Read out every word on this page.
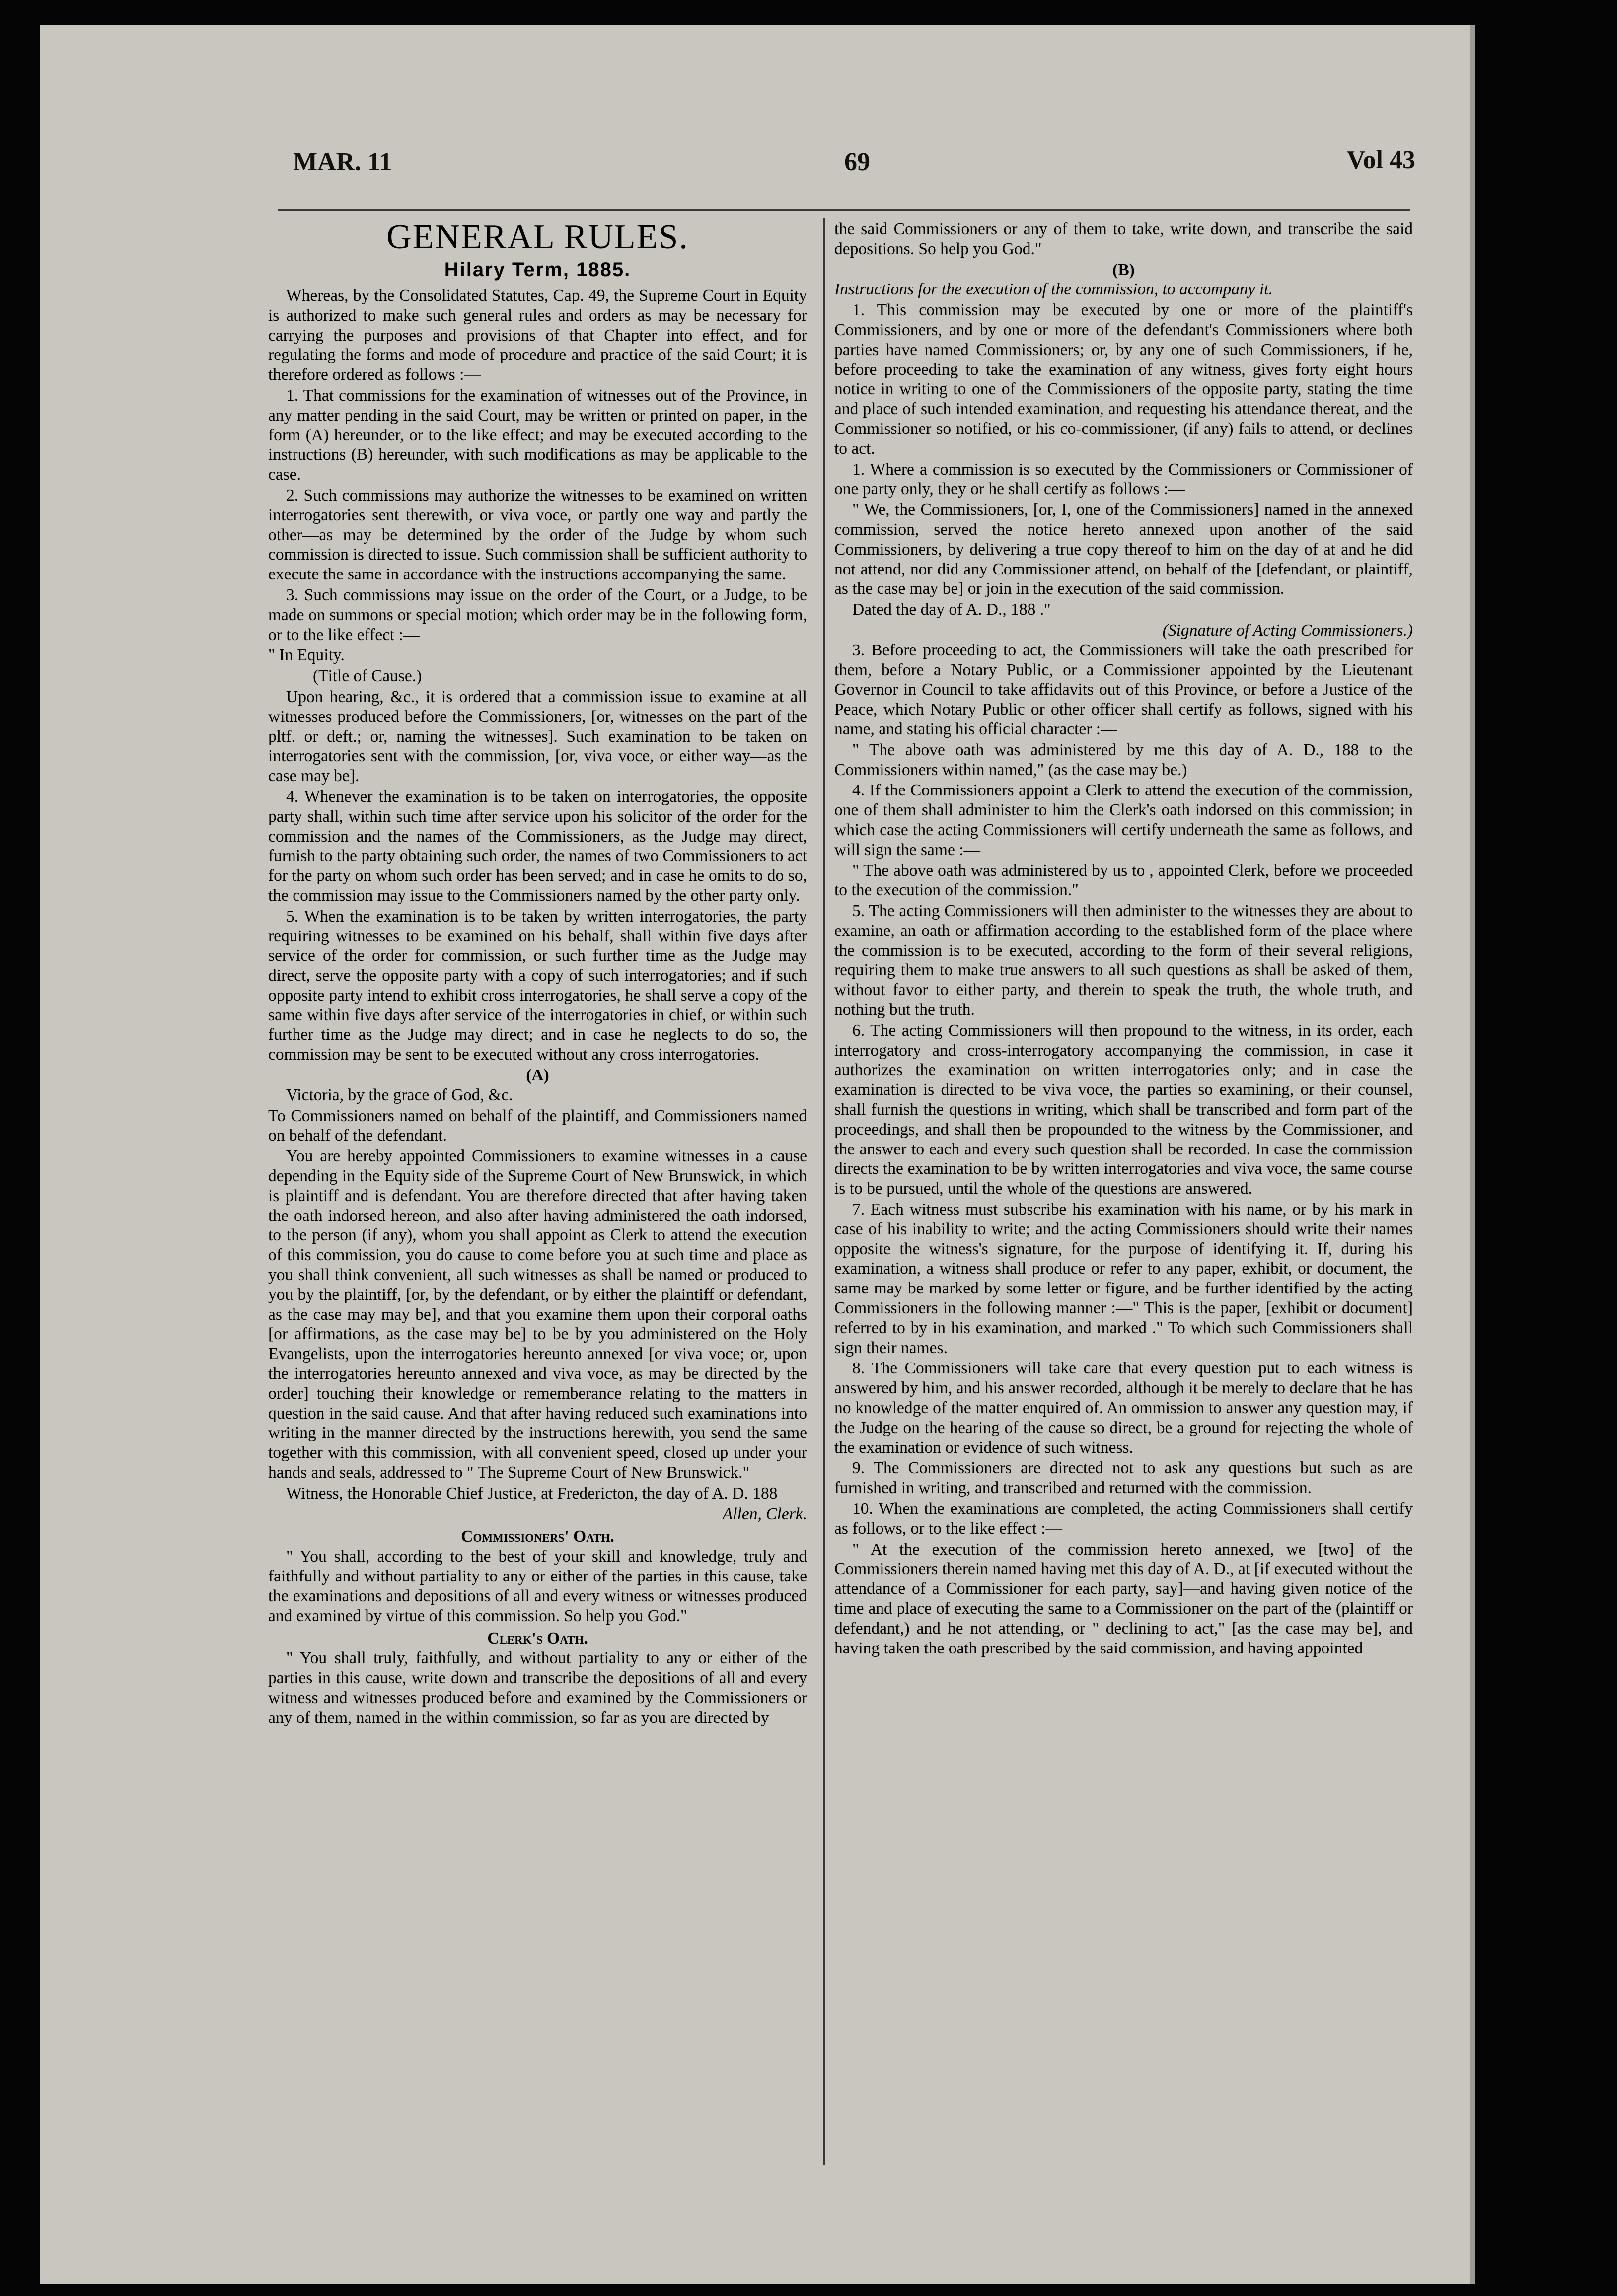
MAR. 11	69	Vol 43
GENERAL RULES.
Hilary Term, 1885.

Whereas, by the Consolidated Statutes, Cap. 49, the Supreme Court in Equity is authorized to make such general rules and orders as may be necessary for carrying the purposes and provisions of that Chapter into effect, and for regulating the forms and mode of procedure and practice of the said Court; it is therefore ordered as follows :—

1. That commissions for the examination of witnesses out of the Province, in any matter pending in the said Court, may be written or printed on paper, in the form (A) hereunder, or to the like effect; and may be executed according to the instructions (B) hereunder, with such modifications as may be applicable to the case.

2. Such commissions may authorize the witnesses to be examined on written interrogatories sent therewith, or viva voce, or partly one way and partly the other—as may be determined by the order of the Judge by whom such commission is directed to issue. Such commission shall be sufficient authority to execute the same in accordance with the instructions accompanying the same.

3. Such commissions may issue on the order of the Court, or a Judge, to be made on summons or special motion; which order may be in the following form, or to the like effect :—

" In Equity.

(Title of Cause.)

Upon hearing, &c., it is ordered that a commission issue to examine at all witnesses produced before the Commissioners, [or, witnesses on the part of the pltf. or deft.; or, naming the witnesses]. Such examination to be taken on interrogatories sent with the commission, [or, viva voce, or either way—as the case may be].

4. Whenever the examination is to be taken on interrogatories, the opposite party shall, within such time after service upon his solicitor of the order for the commission and the names of the Commissioners, as the Judge may direct, furnish to the party obtaining such order, the names of two Commissioners to act for the party on whom such order has been served; and in case he omits to do so, the commission may issue to the Commissioners named by the other party only.

5. When the examination is to be taken by written interrogatories, the party requiring witnesses to be examined on his behalf, shall within five days after service of the order for commission, or such further time as the Judge may direct, serve the opposite party with a copy of such interrogatories; and if such opposite party intend to exhibit cross interrogatories, he shall serve a copy of the same within five days after service of the interrogatories in chief, or within such further time as the Judge may direct; and in case he neglects to do so, the commission may be sent to be executed without any cross interrogatories.

(A)

Victoria, by the grace of God, &c.

To Commissioners named on behalf of the plaintiff, and Commissioners named on behalf of the defendant.

You are hereby appointed Commissioners to examine witnesses in a cause depending in the Equity side of the Supreme Court of New Brunswick, in which is plaintiff and is defendant. You are therefore directed that after having taken the oath indorsed hereon, and also after having administered the oath indorsed, to the person (if any), whom you shall appoint as Clerk to attend the execution of this commission, you do cause to come before you at such time and place as you shall think convenient, all such witnesses as shall be named or produced to you by the plaintiff, [or, by the defendant, or by either the plaintiff or defendant, as the case may may be], and that you examine them upon their corporal oaths [or affirmations, as the case may be] to be by you administered on the Holy Evangelists, upon the interrogatories hereunto annexed [or viva voce; or, upon the interrogatories hereunto annexed and viva voce, as may be directed by the order] touching their knowledge or rememberance relating to the matters in question in the said cause. And that after having reduced such examinations into writing in the manner directed by the instructions herewith, you send the same together with this commission, with all convenient speed, closed up under your hands and seals, addressed to " The Supreme Court of New Brunswick."

Witness, the Honorable Chief Justice, at Fredericton, the day of A. D. 188

Allen, Clerk.
Commissioners' Oath.

" You shall, according to the best of your skill and knowledge, truly and faithfully and without partiality to any or either of the parties in this cause, take the examinations and depositions of all and every witness or witnesses produced and examined by virtue of this commission. So help you God."

Clerk's Oath.

" You shall truly, faithfully, and without partiality to any or either of the parties in this cause, write down and transcribe the depositions of all and every witness and witnesses produced before and examined by the Commissioners or any of them, named in the within commission, so far as you are directed by

the said Commissioners or any of them to take, write down, and transcribe the said depositions. So help you God."

(B)

Instructions for the execution of the commission, to accompany it.

1. This commission may be executed by one or more of the plaintiff's Commissioners, and by one or more of the defendant's Commissioners where both parties have named Commissioners; or, by any one of such Commissioners, if he, before proceeding to take the examination of any witness, gives forty eight hours notice in writing to one of the Commissioners of the opposite party, stating the time and place of such intended examination, and requesting his attendance thereat, and the Commissioner so notified, or his co-commissioner, (if any) fails to attend, or declines to act.

1. Where a commission is so executed by the Commissioners or Commissioner of one party only, they or he shall certify as follows :—

" We, the Commissioners, [or, I, one of the Commissioners] named in the annexed commission, served the notice hereto annexed upon another of the said Commissioners, by delivering a true copy thereof to him on the day of at and he did not attend, nor did any Commissioner attend, on behalf of the [defendant, or plaintiff, as the case may be] or join in the execution of the said commission.

Dated the day of A. D., 188 ."

(Signature of Acting Commissioners.)

3. Before proceeding to act, the Commissioners will take the oath prescribed for them, before a Notary Public, or a Commissioner appointed by the Lieutenant Governor in Council to take affidavits out of this Province, or before a Justice of the Peace, which Notary Public or other officer shall certify as follows, signed with his name, and stating his official character :—

" The above oath was administered by me this day of A. D., 188 to the Commissioners within named," (as the case may be.)

4. If the Commissioners appoint a Clerk to attend the execution of the commission, one of them shall administer to him the Clerk's oath indorsed on this commission; in which case the acting Commissioners will certify underneath the same as follows, and will sign the same :—

" The above oath was administered by us to , appointed Clerk, before we proceeded to the execution of the commission."

5. The acting Commissioners will then administer to the witnesses they are about to examine, an oath or affirmation according to the established form of the place where the commission is to be executed, according to the form of their several religions, requiring them to make true answers to all such questions as shall be asked of them, without favor to either party, and therein to speak the truth, the whole truth, and nothing but the truth.

6. The acting Commissioners will then propound to the witness, in its order, each interrogatory and cross-interrogatory accompanying the commission, in case it authorizes the examination on written interrogatories only; and in case the examination is directed to be viva voce, the parties so examining, or their counsel, shall furnish the questions in writing, which shall be transcribed and form part of the proceedings, and shall then be propounded to the witness by the Commissioner, and the answer to each and every such question shall be recorded. In case the commission directs the examination to be by written interrogatories and viva voce, the same course is to be pursued, until the whole of the questions are answered.

7. Each witness must subscribe his examination with his name, or by his mark in case of his inability to write; and the acting Commissioners should write their names opposite the witness's signature, for the purpose of identifying it. If, during his examination, a witness shall produce or refer to any paper, exhibit, or document, the same may be marked by some letter or figure, and be further identified by the acting Commissioners in the following manner :—" This is the paper, [exhibit or document] referred to by in his examination, and marked ." To which such Commissioners shall sign their names.

8. The Commissioners will take care that every question put to each witness is answered by him, and his answer recorded, although it be merely to declare that he has no knowledge of the matter enquired of. An ommission to answer any question may, if the Judge on the hearing of the cause so direct, be a ground for rejecting the whole of the examination or evidence of such witness.

9. The Commissioners are directed not to ask any questions but such as are furnished in writing, and transcribed and returned with the commission.

10. When the examinations are completed, the acting Commissioners shall certify as follows, or to the like effect :—

" At the execution of the commission hereto annexed, we [two] of the Commissioners therein named having met this day of A. D., at [if executed without the attendance of a Commissioner for each party, say]—and having given notice of the time and place of executing the same to a Commissioner on the part of the (plaintiff or defendant,) and he not attending, or " declining to act," [as the case may be], and having taken the oath prescribed by the said commission, and having appointed
